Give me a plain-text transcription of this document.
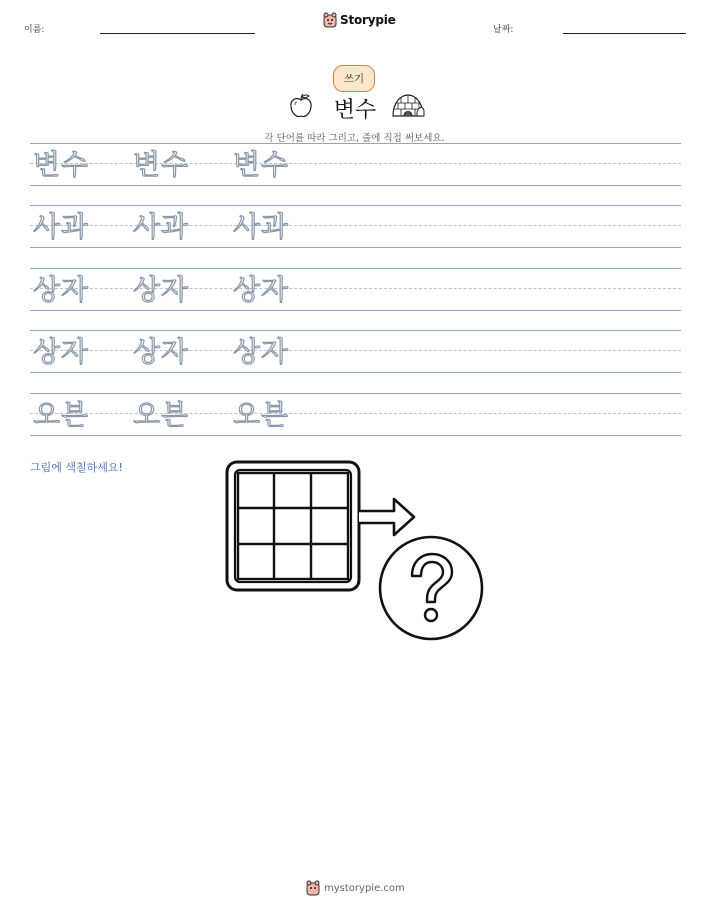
이름:
Storypie
날짜:
쓰기
변수
각 단어를 따라 그리고, 줄에 직접 써보세요.
변수 변수 변수
사과 사과 사과
상자 상자 상자
상자 상자 상자
오븐 오븐 오븐
그림에 색칠하세요!
mystorypie.com
